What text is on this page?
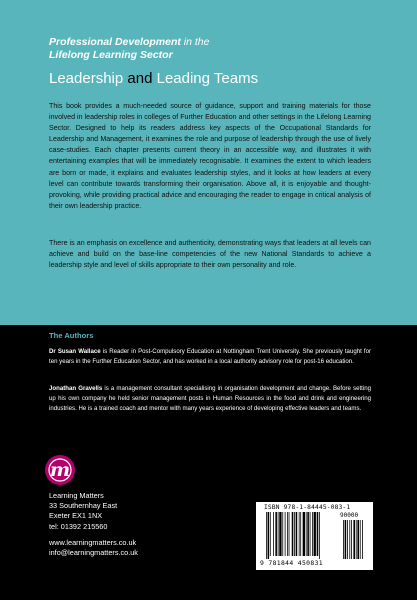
Professional Development in the
Lifelong Learning Sector
Leadership and Leading Teams

This book provides a much-needed source of guidance, support and training materials for those involved in leadership roles in colleges of Further Education and other settings in the Lifelong Learning Sector. Designed to help its readers address key aspects of the Occupational Standards for Leadership and Management, it examines the role and purpose of leadership through the use of lively case-studies. Each chapter presents current theory in an accessible way, and illustrates it with entertaining examples that will be immediately recognisable. It examines the extent to which leaders are born or made, it explains and evaluates leadership styles, and it looks at how leaders at every level can contribute towards transforming their organisation. Above all, it is enjoyable and thought-provoking, while providing practical advice and encouraging the reader to engage in critical analysis of their own leadership practice.

There is an emphasis on excellence and authenticity, demonstrating ways that leaders at all levels can achieve and build on the base-line competencies of the new National Standards to achieve a leadership style and level of skills appropriate to their own personality and role.

The Authors

Dr Susan Wallace is Reader in Post-Compulsory Education at Nottingham Trent University. She previously taught for ten years in the Further Education Sector, and has worked in a local authority advisory role for post-16 education.

Jonathan Gravells is a management consultant specialising in organisation development and change. Before setting up his own company he held senior management posts in Human Resources in the food and drink and engineering industries. He is a trained coach and mentor with many years experience of developing effective leaders and teams.

m
Learning Matters
33 Southernhay East
Exeter EX1 1NX
tel: 01392 215560
www.learningmatters.co.uk
info@learningmatters.co.uk
ISBN 978-1-84445-083-1
90000
9 781844 450831
